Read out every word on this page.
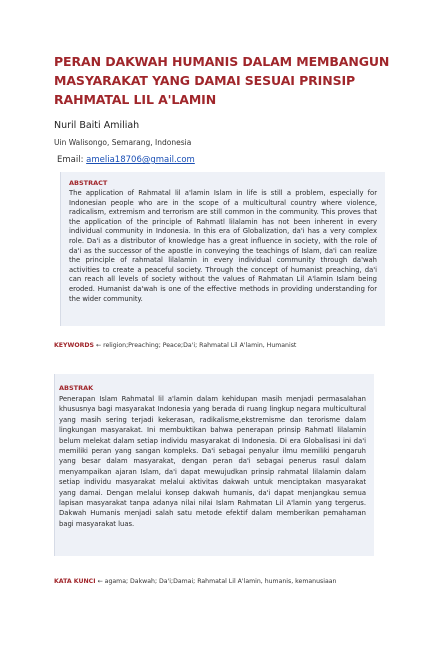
PERAN DAKWAH HUMANIS DALAM MEMBANGUN MASYARAKAT YANG DAMAI SESUAI PRINSIP RAHMATAL LIL A'LAMIN
Nuril Baiti Amiliah
Uin Walisongo, Semarang, Indonesia
Email: amelia18706@gmail.com
ABSTRACT
The application of Rahmatal lil a'lamin Islam in life is still a problem, especially for Indonesian people who are in the scope of a multicultural country where violence, radicalism, extremism and terrorism are still common in the community. This proves that the application of the principle of Rahmatl lilalamin has not been inherent in every individual community in Indonesia. In this era of Globalization, da'i has a very complex role. Da'i as a distributor of knowledge has a great influence in society, with the role of da'i as the successor of the apostle in conveying the teachings of Islam, da'i can realize the principle of rahmatal lilalamin in every individual community through da'wah activities to create a peaceful society. Through the concept of humanist preaching, da'i can reach all levels of society without the values of Rahmatan Lil A'lamin Islam being eroded. Humanist da'wah is one of the effective methods in providing understanding for the wider community.
KEYWORDS ← religion;Preaching; Peace;Da'i; Rahmatal Lil A'lamin, Humanist
ABSTRAK
Penerapan Islam Rahmatal lil a'lamin dalam kehidupan masih menjadi permasalahan khususnya bagi masyarakat Indonesia yang berada di ruang lingkup negara multicultural yang masih sering terjadi kekerasan, radikalisme,ekstremisme dan terorisme dalam lingkungan masyarakat. Ini membuktikan bahwa penerapan prinsip Rahmatl lilalamin belum melekat dalam setiap individu masyarakat di Indonesia. Di era Globalisasi ini da'i memiliki peran yang sangan kompleks. Da'i sebagai penyalur ilmu memiliki pengaruh yang besar dalam masyarakat, dengan peran da'i sebagai penerus rasul dalam menyampaikan ajaran Islam, da'i dapat mewujudkan prinsip rahmatal lilalamin dalam setiap individu masyarakat melalui aktivitas dakwah untuk menciptakan masyarakat yang damai. Dengan melalui konsep dakwah humanis, da'i dapat menjangkau semua lapisan masyarakat tanpa adanya nilai nilai Islam Rahmatan Lil A'lamin yang tergerus. Dakwah Humanis menjadi salah satu metode efektif dalam memberikan pemahaman bagi masyarakat luas.
KATA KUNCI ← agama; Dakwah; Da'i;Damai; Rahmatal Lil A'lamin, humanis, kemanusiaan
